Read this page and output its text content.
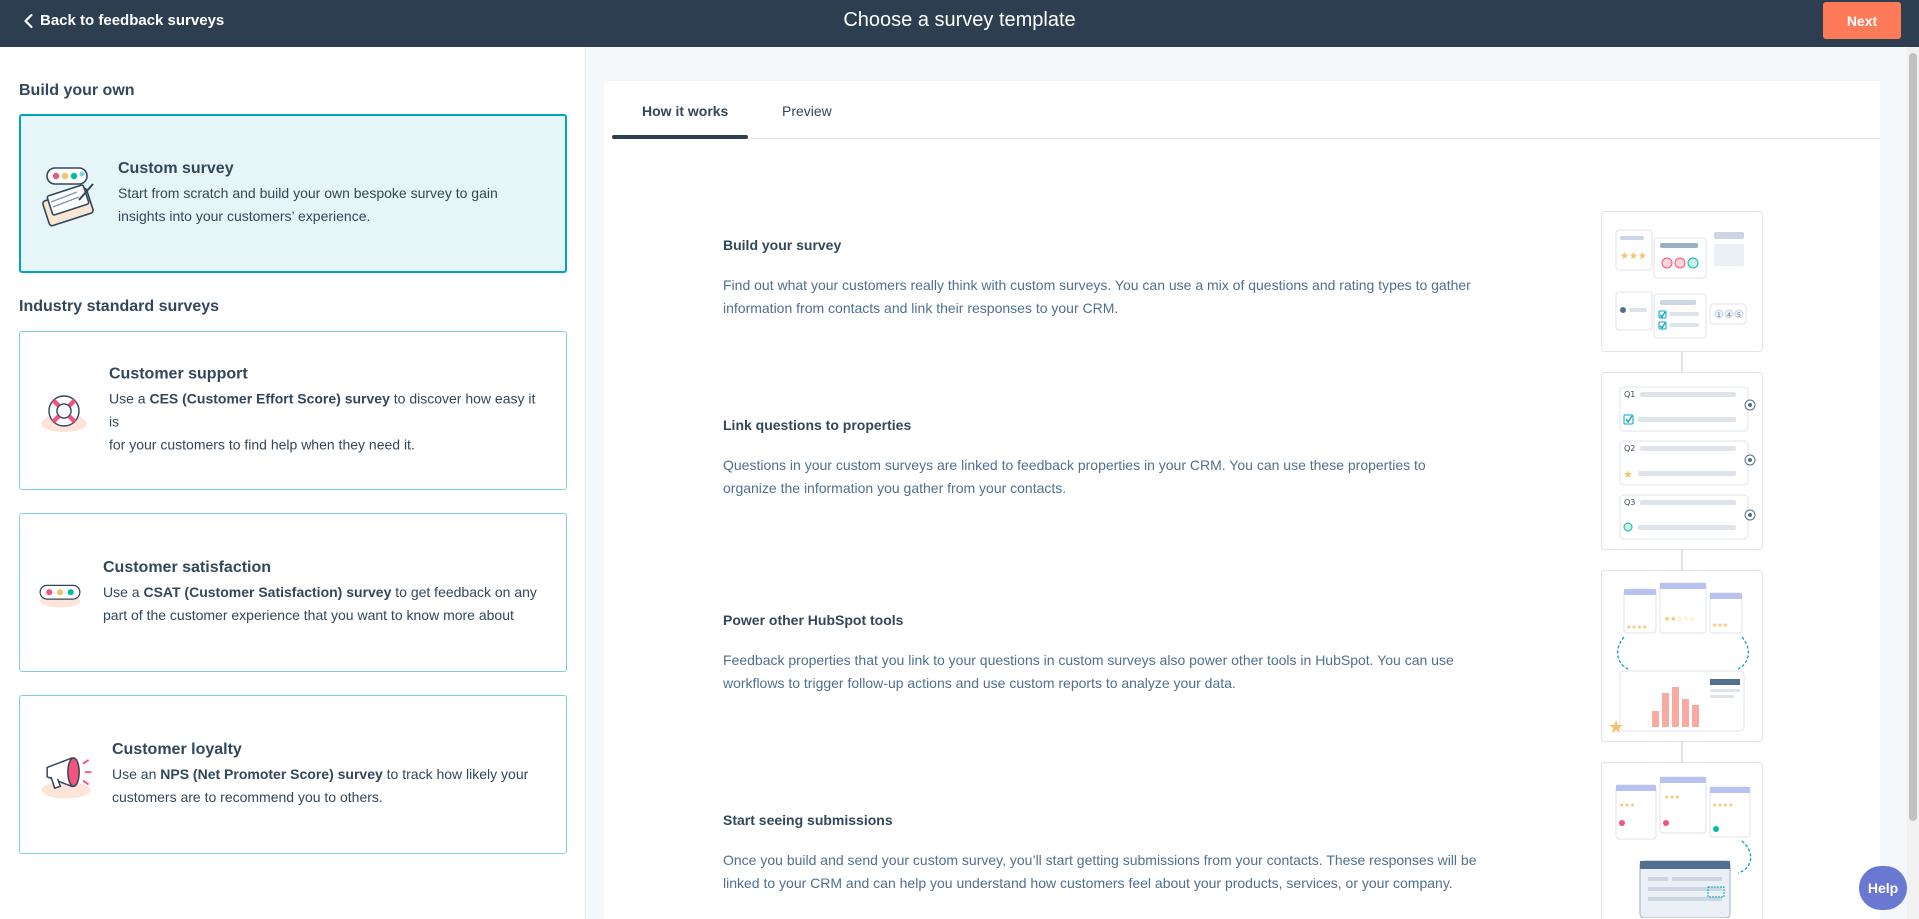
Back to feedback surveys	Choose a survey template	Next
Build your own
Custom survey
Start from scratch and build your own bespoke survey to gain
insights into your customers’ experience.
Industry standard surveys
Customer support
Use a CES (Customer Effort Score) survey to discover how easy it is
for your customers to find help when they need it.
Customer satisfaction
Use a CSAT (Customer Satisfaction) survey to get feedback on any
part of the customer experience that you want to know more about
Customer loyalty
Use an NPS (Net Promoter Score) survey to track how likely your
customers are to recommend you to others.
How it works	Preview
Build your survey
Find out what your customers really think with custom surveys. You can use a mix of questions and rating types to gather
information from contacts and link their responses to your CRM.
Link questions to properties
Questions in your custom surveys are linked to feedback properties in your CRM. You can use these properties to
organize the information you gather from your contacts.
Power other HubSpot tools
Feedback properties that you link to your questions in custom surveys also power other tools in HubSpot. You can use
workflows to trigger follow-up actions and use custom reports to analyze your data.
Start seeing submissions
Once you build and send your custom survey, you’ll start getting submissions from your contacts. These responses will be
linked to your CRM and can help you understand how customers feel about your products, services, or your company.
★★★
1 4 5
Q1
Q2
★
Q3
★★★★
★★☆☆☆
★★★
★
★★★
★★★
★★★★
Help
